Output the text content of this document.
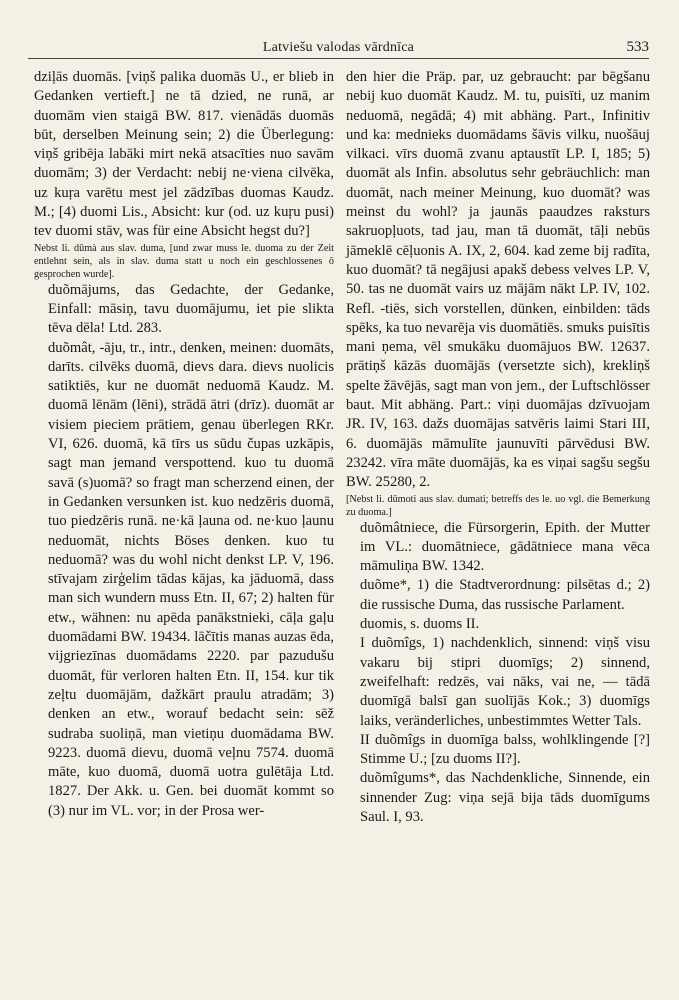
Latviešu valodas vārdnīca	533

dziļās duomās. [viņš palika duomās U., er blieb in Gedanken vertieft.] ne tā dzied, ne runā, ar duomām vien staigā BW. 817. vienādās duomās būt, derselben Meinung sein; 2) die Überlegung: viņš gribēja labāki mirt nekā atsacīties nuo savām duomām; 3) der Verdacht: nebij ne·viena cilvēka, uz kuŗa varētu mest jel zādzības duomas Kaudz. M.; [4) duomi Lis., Absicht: kur (od. uz kuŗu pusi) tev duomi stāv, was für eine Absicht hegst du?]

Nebst li. dūmà aus slav. duma, [und zwar muss le. duoma zu der Zeit entlehnt sein, als in slav. duma statt u noch ein geschlossenes ô gesprochen wurde].

duõmājums, das Gedachte, der Gedanke, Einfall: māsiņ, tavu duomājumu, iet pie slikta tēva dēla! Ltd. 283.

duõmât, -āju, tr., intr., denken, meinen: duomāts, darīts. cilvēks duomā, dievs dara. dievs nuolicis satiktiēs, kur ne duomāt neduomā Kaudz. M. duomā lēnām (lēni), strādā ātri (drīz). duomāt ar visiem pieciem prātiem, genau überlegen RKr. VI, 626. duomā, kā tīrs us sūdu čupas uzkāpis, sagt man jemand verspottend. kuo tu duomā savā (s)uomā? so fragt man scherzend einen, der in Gedanken versunken ist. kuo nedzēris duomā, tuo piedzēris runā. ne·kā ļauna od. ne·kuo ļaunu neduomāt, nichts Böses denken. kuo tu neduomā? was du wohl nicht denkst LP. V, 196. stīvajam zirģelim tādas kājas, ka jāduomā, dass man sich wundern muss Etn. II, 67; 2) halten für etw., wähnen: nu apēda panākstnieki, cāļa gaļu duomādami BW. 19434. lāčītis manas auzas ēda, vijgriezīnas duomādams 2220. par pazudušu duomāt, für verloren halten Etn. II, 154. kur tik zeļtu duomājām, dažkārt praulu atradām; 3) denken an etw., worauf bedacht sein: sēž sudraba suoliņā, man vietiņu duomādama BW. 9223. duomā dievu, duomā veļnu 7574. duomā māte, kuo duomā, duomā uotra gulētāja Ltd. 1827. Der Akk. u. Gen. bei duomāt kommt so (3) nur im VL. vor; in der Prosa wer-

den hier die Präp. par, uz gebraucht: par bēgšanu nebij kuo duomāt Kaudz. M. tu, puisīti, uz manim neduomā, negādā; 4) mit abhäng. Part., Infinitiv und ka: mednieks duomādams šāvis vilku, nuošāuj vilkaci. vīrs duomā zvanu aptaustīt LP. I, 185; 5) duomāt als Infin. absolutus sehr gebräuchlich: man duomāt, nach meiner Meinung, kuo duomāt? was meinst du wohl? ja jaunās paaudzes raksturs sakruopļuots, tad jau, man tā duomāt, tāļi nebūs jāmeklē cēļuonis A. IX, 2, 604. kad zeme bij radīta, kuo duomāt? tā negājusi apakš debess velves LP. V, 50. tas ne duomāt vairs uz mājām nākt LP. IV, 102. Refl. -tiēs, sich vorstellen, dünken, einbilden: tāds spēks, ka tuo nevarēja vis duomātiēs. smuks puisītis mani ņema, vēl smukāku duomājuos BW. 12637. prātiņš kāzās duomājās (versetzte sich), krekliņš spelte žāvējās, sagt man von jem., der Luftschlösser baut. Mit abhäng. Part.: viņi duomājas dzīvuojam JR. IV, 163. dažs duomājas satvēris laimi Stari III, 6. duomājās māmulīte jaunuvīti pārvēdusi BW. 23242. vīra māte duomājās, ka es viņai sagšu segšu BW. 25280, 2.

[Nebst li. dūmoti aus slav. dumati; betreffs des le. uo vgl. die Bemerkung zu duoma.]

duõmâtniece, die Fürsorgerin, Epith. der Mutter im VL.: duomātniece, gādātniece mana vēca māmuliņa BW. 1342.

duõme*, 1) die Stadtverordnung: pilsētas d.; 2) die russische Duma, das russische Parlament.

duomis, s. duoms II.

I duõmîgs, 1) nachdenklich, sinnend: viņš visu vakaru bij stipri duomīgs; 2) sinnend, zweifelhaft: redzēs, vai nāks, vai ne, — tādā duomīgā balsī gan suolījās Kok.; 3) duomīgs laiks, veränderliches, unbestimmtes Wetter Tals.

II duõmîgs in duomīga balss, wohlklingende [?] Stimme U.; [zu duoms II?].

duõmîgums*, das Nachdenkliche, Sinnende, ein sinnender Zug: viņa sejā bija tāds duomīgums Saul. I, 93.
